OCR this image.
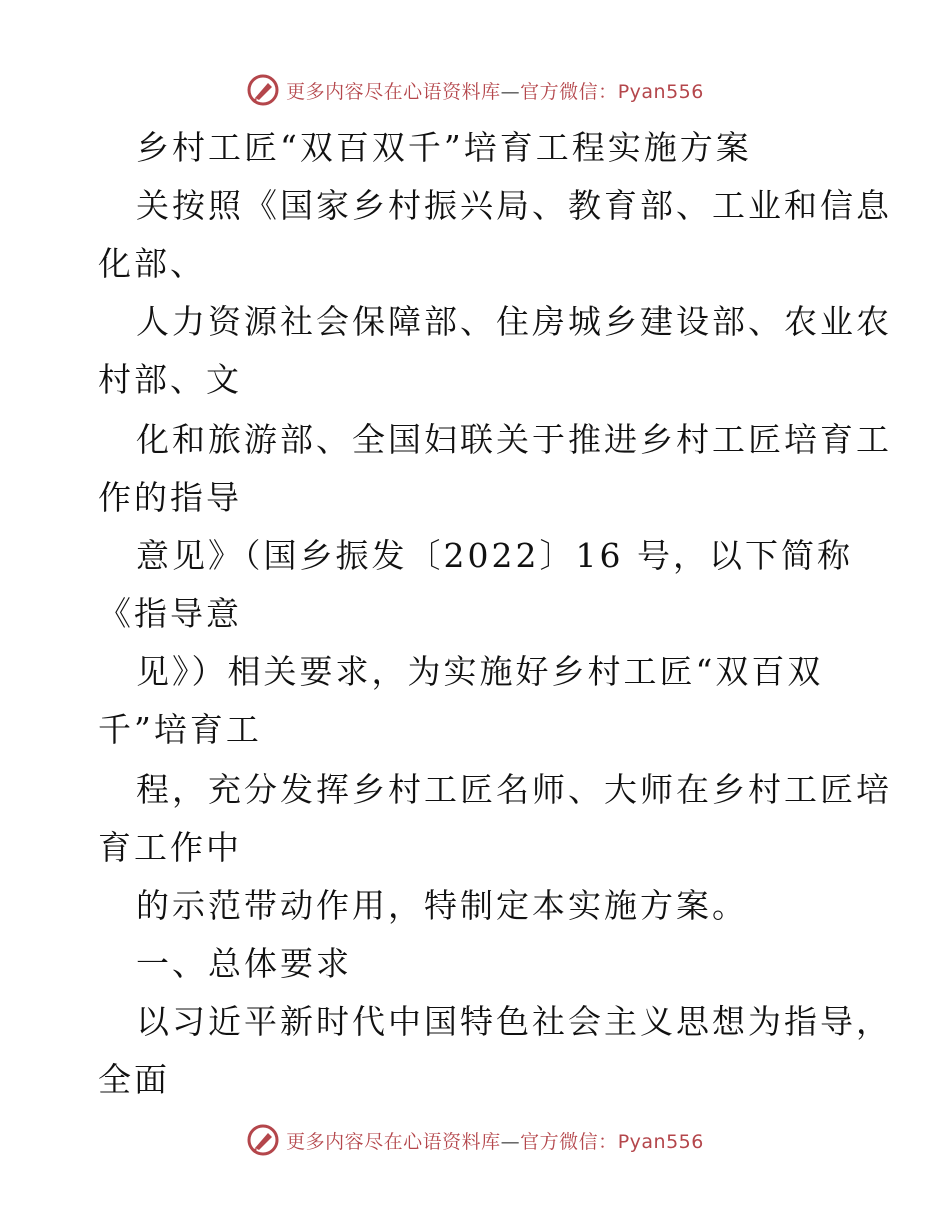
更多内容尽在心语资料库—官方微信：Pyan556
乡村工匠“双百双千”培育工程实施方案
关按照《国家乡村振兴局、教育部、工业和信息
化部、
人力资源社会保障部、住房城乡建设部、农业农
村部、文
化和旅游部、全国妇联关于推进乡村工匠培育工
作的指导
意见》（国乡振发〔2022〕16 号，以下简称
《指导意
见》）相关要求，为实施好乡村工匠“双百双
千”培育工
程，充分发挥乡村工匠名师、大师在乡村工匠培
育工作中
的示范带动作用，特制定本实施方案。
一、总体要求
以习近平新时代中国特色社会主义思想为指导，
全面
更多内容尽在心语资料库—官方微信：Pyan556
